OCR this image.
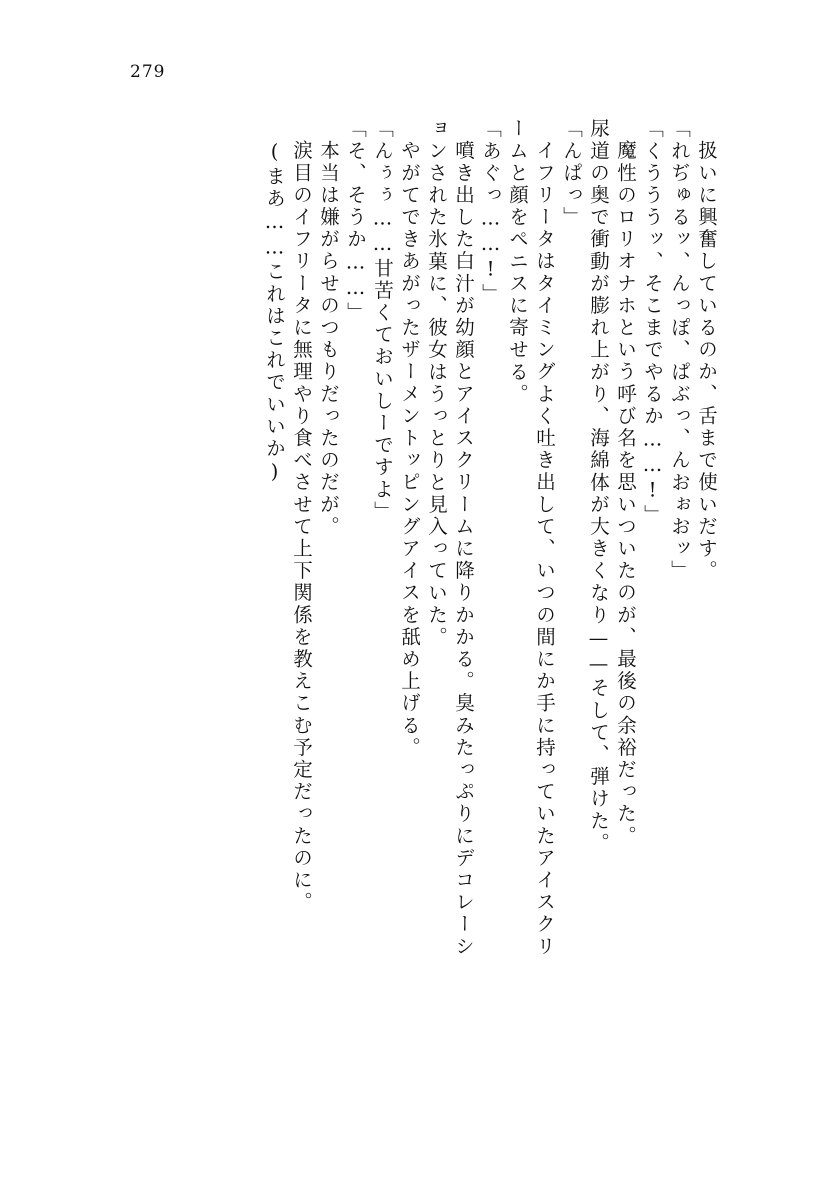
279
扱いに興奮しているのか、舌まで使いだす。
「れぢゅるッ、んっぽ、ぱぶっ、んおぉおッ」
「くうううッ、そこまでやるか……!」
魔性のロリオナホという呼び名を思いついたのが、最後の余裕だった。
尿道の奥で衝動が膨れ上がり、海綿体が大きくなり——そして、弾けた。
「んぱっ」
イフリータはタイミングよく吐き出して、いつの間にか手に持っていたアイスクリ
ームと顔をペニスに寄せる。
「あぐっ……!」
噴き出した白汁が幼顔とアイスクリームに降りかかる。臭みたっぷりにデコレーシ
ョンされた氷菓に、彼女はうっとりと見入っていた。
やがてできあがったザーメントッピングアイスを舐め上げる。
「んぅぅ……甘苦くておいしーですよ」
「そ、そうか……」
本当は嫌がらせのつもりだったのだが。
涙目のイフリータに無理やり食べさせて上下関係を教えこむ予定だったのに。
(まあ……これはこれでいいか)
